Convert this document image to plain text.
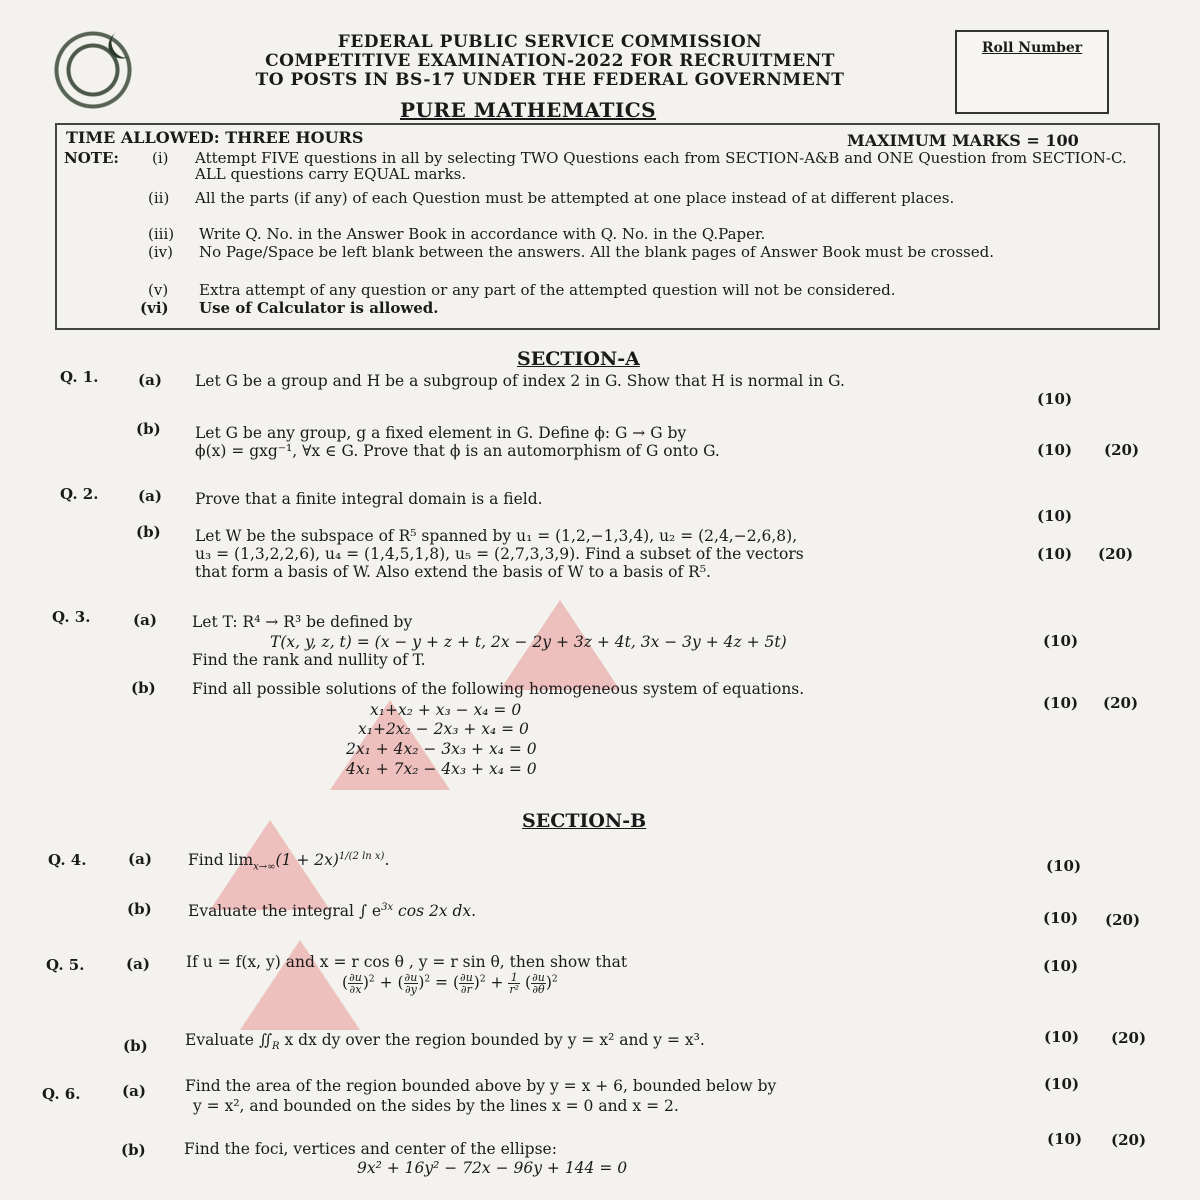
FEDERAL PUBLIC SERVICE COMMISSION
COMPETITIVE EXAMINATION-2022 FOR RECRUITMENT
TO POSTS IN BS-17 UNDER THE FEDERAL GOVERNMENT
Roll Number
PURE MATHEMATICS
TIME ALLOWED: THREE HOURS	MAXIMUM MARKS = 100
NOTE: (i) Attempt FIVE questions in all by selecting TWO Questions each from SECTION-A&B and ONE Question from SECTION-C. ALL questions carry EQUAL marks.
(ii) All the parts (if any) of each Question must be attempted at one place instead of at different places.
(iii) Write Q. No. in the Answer Book in accordance with Q. No. in the Q.Paper.
(iv) No Page/Space be left blank between the answers. All the blank pages of Answer Book must be crossed.
(v) Extra attempt of any question or any part of the attempted question will not be considered.
(vi) Use of Calculator is allowed.
SECTION-A
Q. 1.	(a) Let G be a group and H be a subgroup of index 2 in G. Show that H is normal in G.
(10)
(b) Let G be any group, g a fixed element in G. Define ϕ: G → G by
ϕ(x) = gxg⁻¹, ∀x ∈ G. Prove that ϕ is an automorphism of G onto G.	(10) (20)
Q. 2.	(a) Prove that a finite integral domain is a field.
(10)
(b) Let W be the subspace of R⁵ spanned by u₁ = (1,2,−1,3,4), u₂ = (2,4,−2,6,8),
u₃ = (1,3,2,2,6), u₄ = (1,4,5,1,8), u₅ = (2,7,3,3,9). Find a subset of the vectors
that form a basis of W. Also extend the basis of W to a basis of R⁵.
(10) (20)
Q. 3.	(a) Let T: R⁴ → R³ be defined by
T(x, y, z, t) = (x − y + z + t, 2x − 2y + 3z + 4t, 3x − 3y + 4z + 5t)
Find the rank and nullity of T.
(10)
(b) Find all possible solutions of the following homogeneous system of equations.
x₁+x₂ + x₃ − x₄ = 0
x₁+2x₂ − 2x₃ + x₄ = 0
2x₁ + 4x₂ − 3x₃ + x₄ = 0
4x₁ + 7x₂ − 4x₃ + x₄ = 0
(10) (20)
SECTION-B
Q. 4.	(a) Find $\lim_{x\to\infty}(1 + 2x)^{1/(2 ln x)}$.	(10)
(b) Evaluate the integral ∫ $e^{3x}$ cos 2x dx.	(10) (20)
Q. 5.	(a) If u = f(x, y) and x = r cos θ , y = r sin θ, then show that	(10)
( $\frac{\partial u}{\partial x} )^2$ + ( $\frac{\partial u}{\partial y} )^2$ = ( $\frac{\partial u}{\partial r} )^2 + \frac{1}{\text{r²}}$ ( $\frac{\partial u}{\partial\theta} )^2$
(b) Evaluate $∬_R$ x dx dy over the region bounded by y = x² and y = x³.	(10) (20)
Q. 6.	(a)	Find the area of the region bounded above by y = x + 6, bounded below by
y = x², and bounded on the sides by the lines x = 0 and x = 2.
(10)
(b) Find the foci, vertices and center of the ellipse:
9x² + 16y² − 72x − 96y + 144 = 0
(10) (20)
